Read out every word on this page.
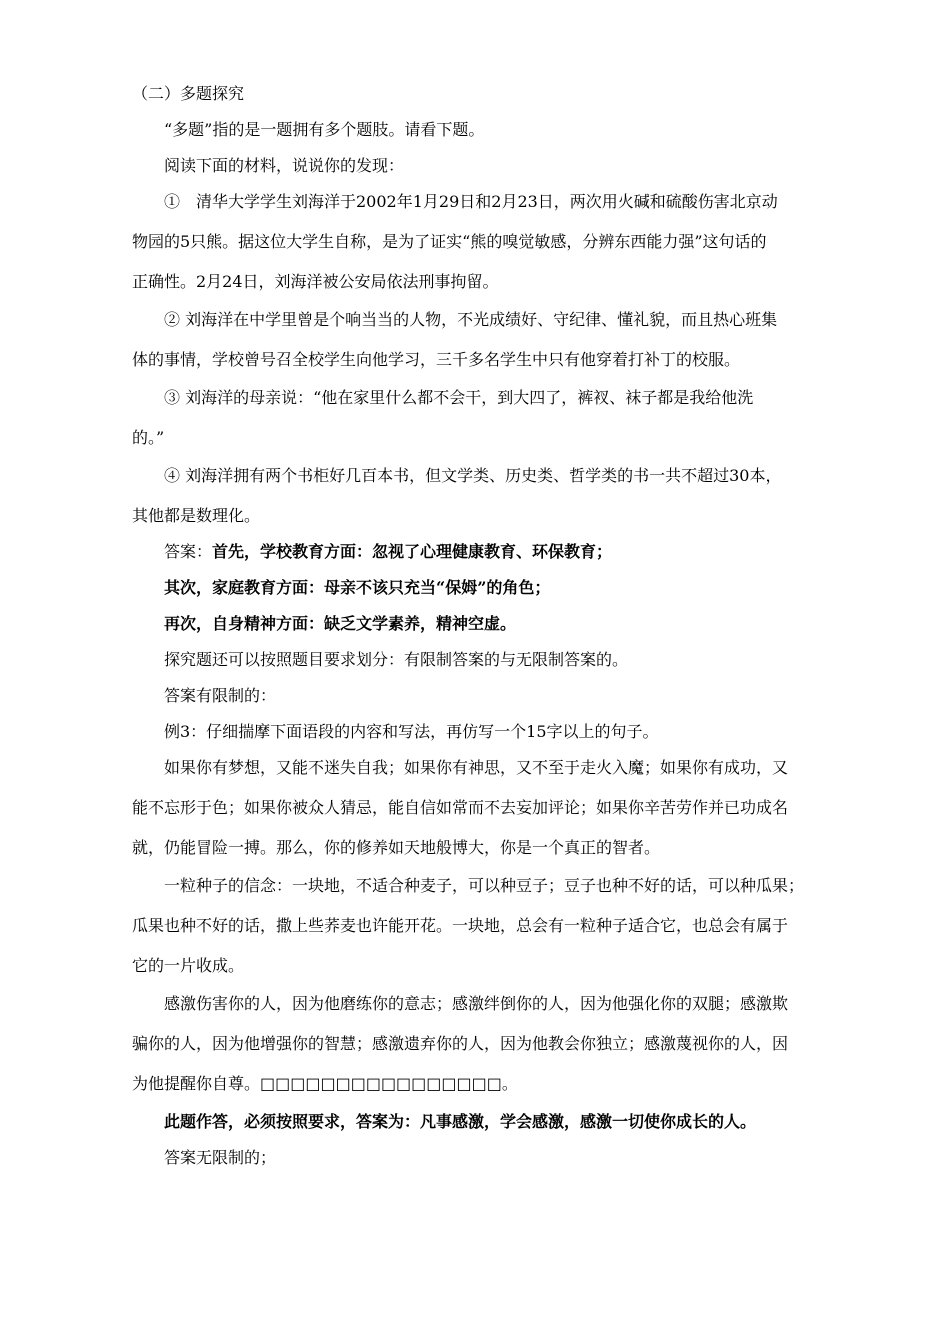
（二）多题探究
“多题”指的是一题拥有多个题肢。请看下题。
阅读下面的材料，说说你的发现：
①　清华大学学生刘海洋于2002年1月29日和2月23日，两次用火碱和硫酸伤害北京动
物园的5只熊。据这位大学生自称，是为了证实“熊的嗅觉敏感，分辨东西能力强”这句话的
正确性。2月24日，刘海洋被公安局依法刑事拘留。
② 刘海洋在中学里曾是个响当当的人物，不光成绩好、守纪律、懂礼貌，而且热心班集
体的事情，学校曾号召全校学生向他学习，三千多名学生中只有他穿着打补丁的校服。
③ 刘海洋的母亲说：“他在家里什么都不会干，到大四了，裤衩、袜子都是我给他洗
的。”
④ 刘海洋拥有两个书柜好几百本书，但文学类、历史类、哲学类的书一共不超过30本，
其他都是数理化。
答案：首先，学校教育方面：忽视了心理健康教育、环保教育；
其次，家庭教育方面：母亲不该只充当“保姆”的角色；
再次，自身精神方面：缺乏文学素养，精神空虚。
探究题还可以按照题目要求划分：有限制答案的与无限制答案的。
答案有限制的：
例3：仔细揣摩下面语段的内容和写法，再仿写一个15字以上的句子。
如果你有梦想，又能不迷失自我；如果你有神思，又不至于走火入魔；如果你有成功，又
能不忘形于色；如果你被众人猜忌，能自信如常而不去妄加评论；如果你辛苦劳作并已功成名
就，仍能冒险一搏。那么，你的修养如天地般博大，你是一个真正的智者。
一粒种子的信念：一块地，不适合种麦子，可以种豆子；豆子也种不好的话，可以种瓜果；
瓜果也种不好的话，撒上些荞麦也许能开花。一块地，总会有一粒种子适合它，也总会有属于
它的一片收成。
感激伤害你的人，因为他磨练你的意志；感激绊倒你的人，因为他强化你的双腿；感激欺
骗你的人，因为他增强你的智慧；感激遗弃你的人，因为他教会你独立；感激蔑视你的人，因
为他提醒你自尊。□□□□□□□□□□□□□□□□。
此题作答，必须按照要求，答案为：凡事感激，学会感激，感激一切使你成长的人。
答案无限制的；
